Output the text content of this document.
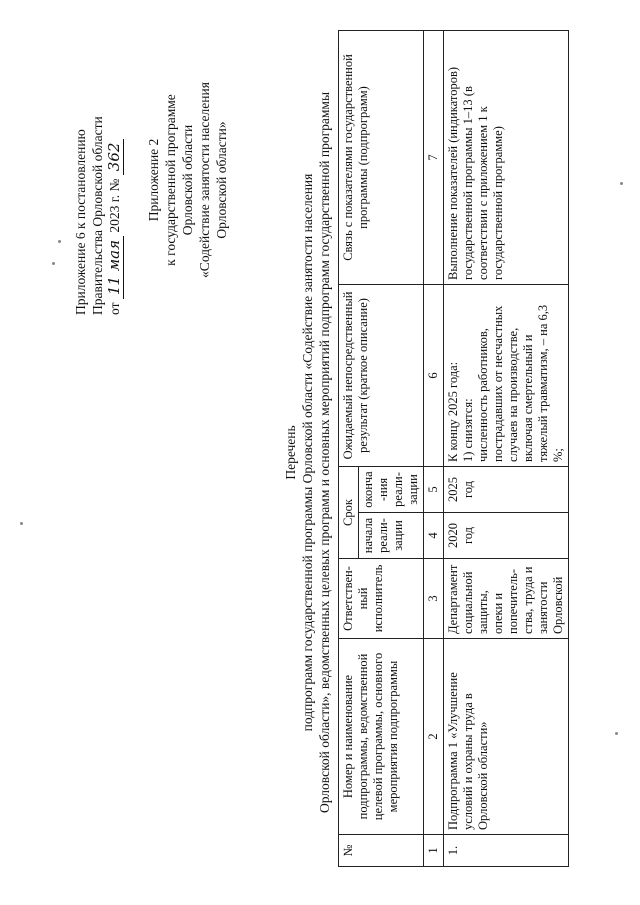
Приложение 6 к постановлению Правительства Орловской области от 11 мая 2023 г. № 362 Приложение 2 к государственной программе Орловской области «Содействие занятости населения Орловской области»
Перечень подпрограмм государственной программы Орловской области «Содействие занятости населения Орловской области», ведомственных целевых программ и основных мероприятий подпрограмм государственной программы
№	Номер и наименование подпрограммы, ведомственной целевой программы, основного мероприятия подпрограммы	Ответствен-ный исполнитель	Срок		Ожидаемый непосредственный результат (краткое описание)	Связь с показателями государственной программы (подпрограмм)
			начала реали-зации	оконча-ния реали-зации		
1	2	3	4	5	6	7
1.	Подпрограмма 1 «Улучшение условий и охраны труда в Орловской области»	Департамент социальной защиты, опеки и попечитель-ства, труда и занятости Орловской	2020 год	2025 год	К концу 2025 года: 1) снизятся: численность работников, пострадавших от несчастных случаев на производстве, включая смертельный и тяжелый травматизм, – на 6,3 %;	Выполнение показателей (индикаторов) государственной программы 1–13 (в соответствии с приложением 1 к государственной программе)
